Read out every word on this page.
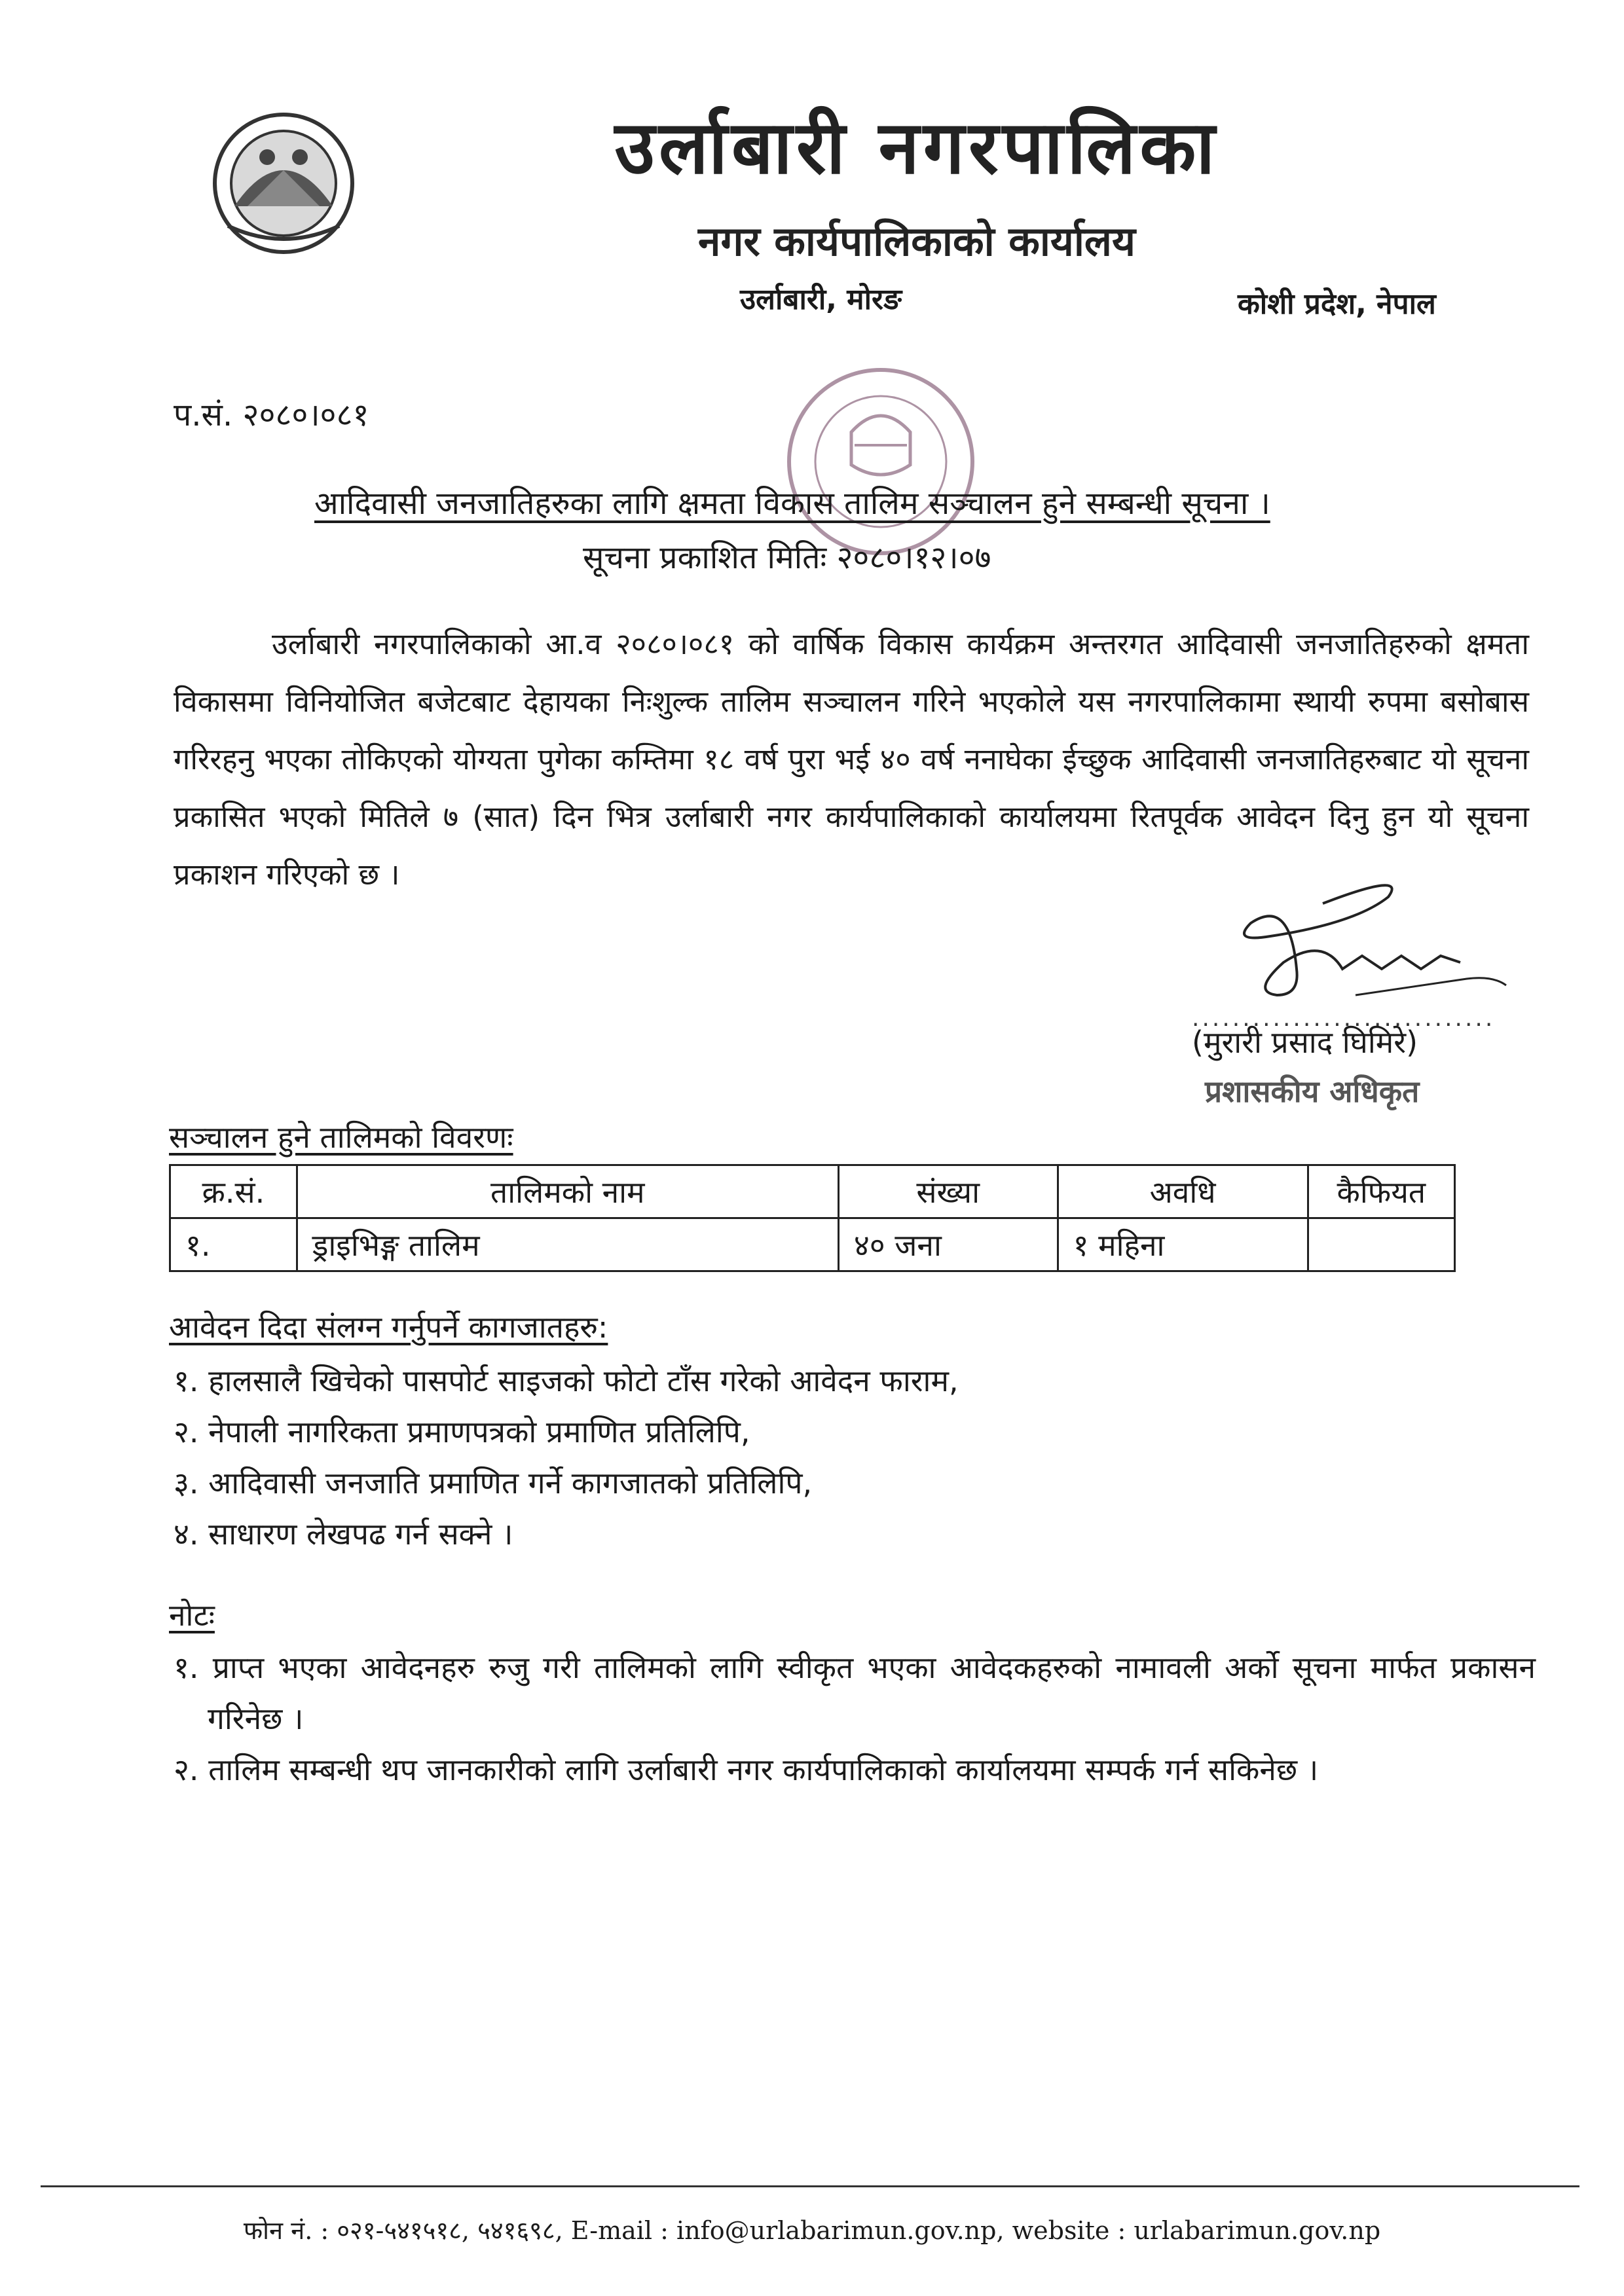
उर्लाबारी नगरपालिका
नगर कार्यपालिकाको कार्यालय
उर्लाबारी, मोरङ	कोशी प्रदेश, नेपाल
प.सं. २०८०।०८१
आदिवासी जनजातिहरुका लागि क्षमता विकास तालिम सञ्चालन हुने सम्बन्धी सूचना ।
सूचना प्रकाशित मितिः २०८०।१२।०७
उर्लाबारी नगरपालिकाको आ.व २०८०।०८१ को वार्षिक विकास कार्यक्रम अन्तरगत आदिवासी जनजातिहरुको क्षमता विकासमा विनियोजित बजेटबाट देहायका निःशुल्क तालिम सञ्चालन गरिने भएकोले यस नगरपालिकामा स्थायी रुपमा बसोबास गरिरहनु भएका तोकिएको योग्यता पुगेका कम्तिमा १८ वर्ष पुरा भई ४० वर्ष ननाघेका ईच्छुक आदिवासी जनजातिहरुबाट यो सूचना प्रकासित भएको मितिले ७ (सात) दिन भित्र उर्लाबारी नगर कार्यपालिकाको कार्यालयमा रितपूर्वक आवेदन दिनु हुन यो सूचना प्रकाशन गरिएको छ ।
..............................
(मुरारी प्रसाद घिमिरे)
प्रशासकीय अधिकृत
सञ्चालन हुने तालिमको विवरणः
क्र.सं.	तालिमको नाम	संख्या	अवधि	कैफियत
१.	ड्राइभिङ्ग तालिम	४० जना	१ महिना	
आवेदन दिदा संलग्न गर्नुपर्ने कागजातहरु:
१. हालसालै खिचेको पासपोर्ट साइजको फोटो टाँस गरेको आवेदन फाराम,
२. नेपाली नागरिकता प्रमाणपत्रको प्रमाणित प्रतिलिपि,
३. आदिवासी जनजाति प्रमाणित गर्ने कागजातको प्रतिलिपि,
४. साधारण लेखपढ गर्न सक्ने ।
नोटः
१. प्राप्त भएका आवेदनहरु रुजु गरी तालिमको लागि स्वीकृत भएका आवेदकहरुको नामावली अर्को सूचना मार्फत प्रकासन गरिनेछ ।
२. तालिम सम्बन्धी थप जानकारीको लागि उर्लाबारी नगर कार्यपालिकाको कार्यालयमा सम्पर्क गर्न सकिनेछ ।
फोन नं. : ०२१-५४१५१८, ५४१६९८, E-mail : info@urlabarimun.gov.np, website : urlabarimun.gov.np
